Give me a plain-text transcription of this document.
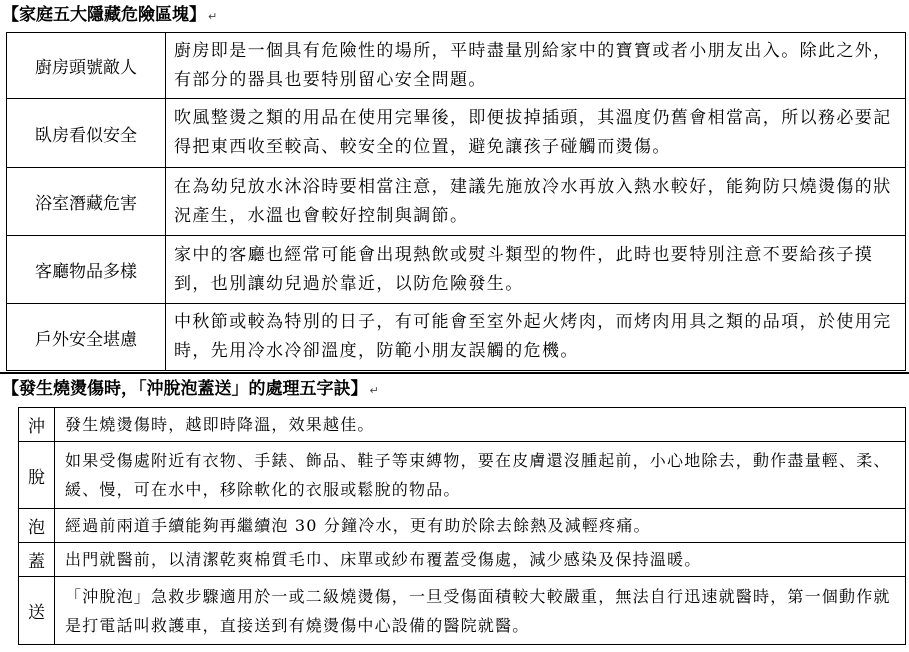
【家庭五大隱藏危險區塊】 ↵
廚房頭號敵人	廚房即是一個具有危險性的場所，平時盡量別給家中的寶寶或者小朋友出入。除此之外，有部分的器具也要特別留心安全問題。
臥房看似安全	吹風整燙之類的用品在使用完畢後，即便拔掉插頭，其溫度仍舊會相當高，所以務必要記得把東西收至較高、較安全的位置，避免讓孩子碰觸而燙傷。
浴室潛藏危害	在為幼兒放水沐浴時要相當注意，建議先施放冷水再放入熱水較好，能夠防只燒燙傷的狀況產生，水溫也會較好控制與調節。
客廳物品多樣	家中的客廳也經常可能會出現熱飲或熨斗類型的物件，此時也要特別注意不要給孩子摸到，也別讓幼兒過於靠近，以防危險發生。
戶外安全堪慮	中秋節或較為特別的日子，有可能會至室外起火烤肉，而烤肉用具之類的品項，於使用完時，先用冷水冷卻溫度，防範小朋友誤觸的危機。
【發生燒燙傷時，「沖脫泡蓋送」的處理五字訣】 ↵
沖	發生燒燙傷時，越即時降溫，效果越佳。
脫	如果受傷處附近有衣物、手錶、飾品、鞋子等束縛物，要在皮膚還沒腫起前，小心地除去，動作盡量輕、柔、緩、慢，可在水中，移除軟化的衣服或鬆脫的物品。
泡	經過前兩道手續能夠再繼續泡 30 分鐘冷水，更有助於除去餘熱及減輕疼痛。
蓋	出門就醫前，以清潔乾爽棉質毛巾、床單或紗布覆蓋受傷處，減少感染及保持溫暖。
送	「沖脫泡」急救步驟適用於一或二級燒燙傷，一旦受傷面積較大較嚴重，無法自行迅速就醫時，第一個動作就是打電話叫救護車，直接送到有燒燙傷中心設備的醫院就醫。
